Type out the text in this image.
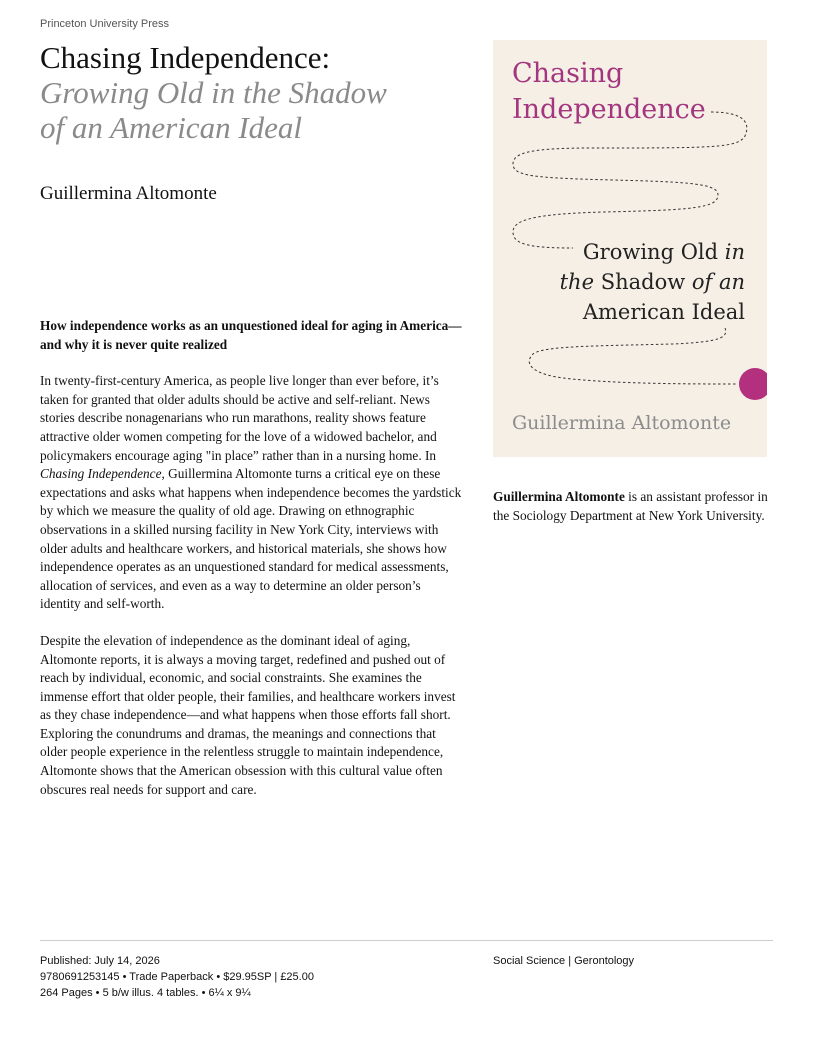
Princeton University Press
Chasing Independence:
Growing Old in the Shadow
of an American Ideal
Guillermina Altomonte

How independence works as an unquestioned ideal for aging in America—and why it is never quite realized

In twenty-first-century America, as people live longer than ever before, it’s taken for granted that older adults should be active and self-reliant. News stories describe nonagenarians who run marathons, reality shows feature attractive older women competing for the love of a widowed bachelor, and policymakers encourage aging "in place” rather than in a nursing home. In Chasing Independence, Guillermina Altomonte turns a critical eye on these expectations and asks what happens when independence becomes the yardstick by which we measure the quality of old age. Drawing on ethnographic observations in a skilled nursing facility in New York City, interviews with older adults and healthcare workers, and historical materials, she shows how independence operates as an unquestioned standard for medical assessments, allocation of services, and even as a way to determine an older person’s identity and self-worth.

Despite the elevation of independence as the dominant ideal of aging, Altomonte reports, it is always a moving target, redefined and pushed out of reach by individual, economic, and social constraints. She examines the immense effort that older people, their families, and healthcare workers invest as they chase independence—and what happens when those efforts fall short. Exploring the conundrums and dramas, the meanings and connections that older people experience in the relentless struggle to maintain independence, Altomonte shows that the American obsession with this cultural value often obscures real needs for support and care.

Chasing
Independence
Growing Old in
the Shadow of an
American Ideal
Guillermina Altomonte
Guillermina Altomonte is an assistant professor in the Sociology Department at New York University.
Published: July 14, 2026
9780691253145 • Trade Paperback • $29.95SP | £25.00
264 Pages • 5 b/w illus. 4 tables. • 6¼ x 9¼
Social Science | Gerontology
